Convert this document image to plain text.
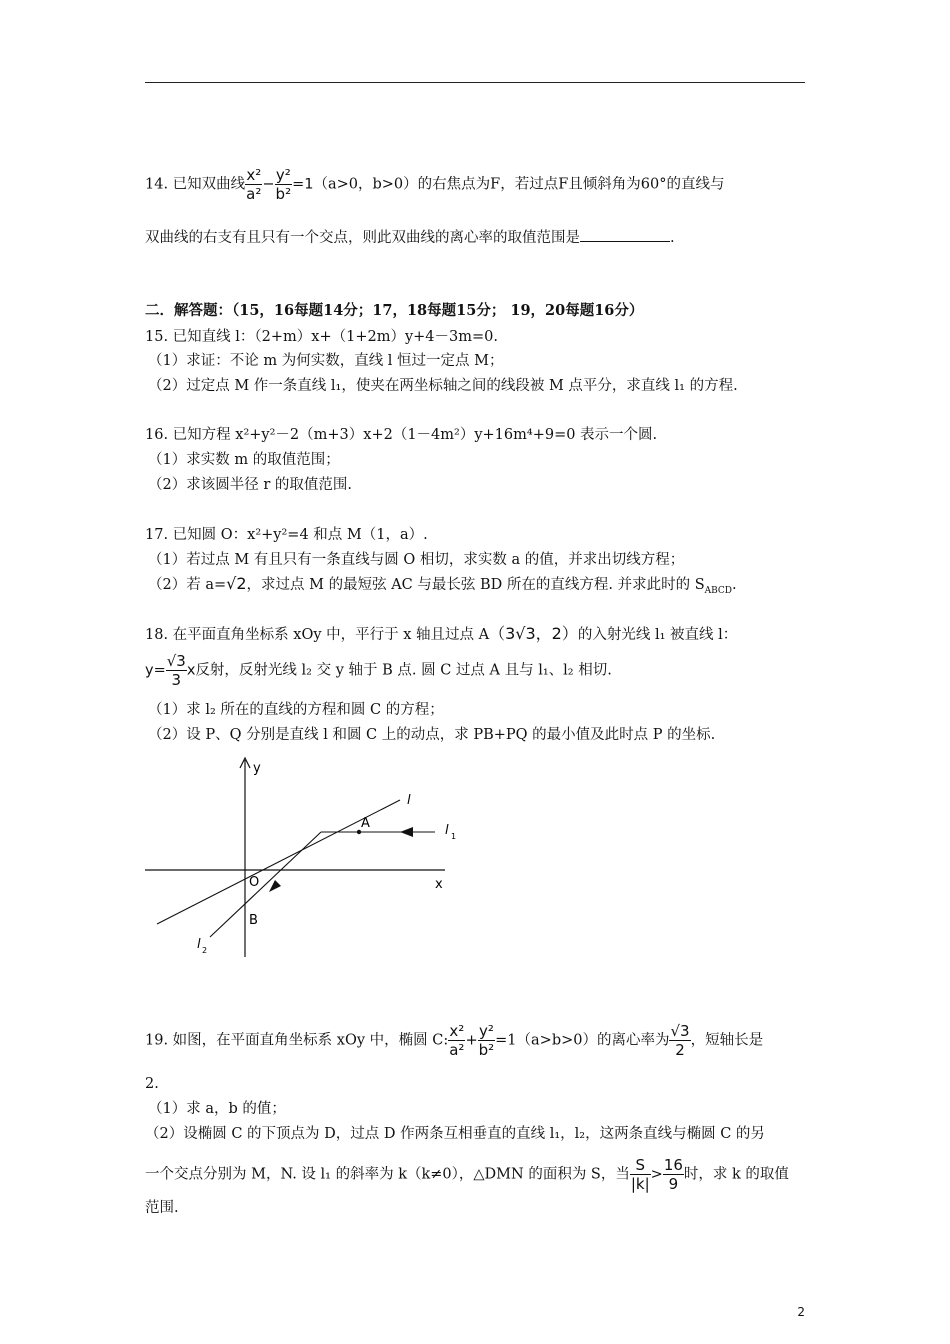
14. 已知双曲线 $\frac{\text{x²}}{\text{a²}} - \frac{\text{y²}}{\text{b²}} =1(a>0$，b>0）的右焦点为F，若过点F且倾斜角为60°的直线与
双曲线的右支有且只有一个交点，则此双曲线的离心率的取值范围是	.
二．解答题：（15，16每题14分；17，18每题15分； 19，20每题16分）
15. 已知直线 l：（2+m）x+（1+2m）y+4－3m=0.
（1）求证：不论 m 为何实数，直线 l 恒过一定点 M；
（2）过定点 M 作一条直线 l₁，使夹在两坐标轴之间的线段被 M 点平分，求直线 l₁ 的方程.
16. 已知方程 x²+y²－2（m+3）x+2（1－4m²）y+16m⁴+9=0 表示一个圆.
（1）求实数 m 的取值范围；
（2）求该圆半径 r 的取值范围.
17. 已知圆 O：x²+y²=4 和点 M（1，a）.
（1）若过点 M 有且只有一条直线与圆 O 相切，求实数 a 的值，并求出切线方程；
（2）若 a=√2，求过点 M 的最短弦 AC 与最长弦 BD 所在的直线方程. 并求此时的 $S_{ABCD}$.
18. 在平面直角坐标系 xOy 中，平行于 x 轴且过点 A（3√3，2）的入射光线 l₁ 被直线 l：
$y= \frac{√3}{3}$ x反射，反射光线 l₂ 交 y 轴于 B 点. 圆 C 过点 A 且与 l₁、l₂ 相切.
（1）求 l₂ 所在的直线的方程和圆 C 的方程；
（2）设 P、Q 分别是直线 l 和圆 C 上的动点，求 PB+PQ 的最小值及此时点 P 的坐标.
y
x
O
A
B
l
l 1
l 2
19. 如图，在平面直角坐标系 xOy 中，椭圆 C: $\frac{\text{x²}}{\text{a²}} + \frac{\text{y²}}{\text{b²}} =1(a>b>0)$的离心率为 $\frac{√3}{2}$ ，短轴长是
2.
（1）求 a，b 的值；
（2）设椭圆 C 的下顶点为 D，过点 D 作两条互相垂直的直线 l₁，l₂，这两条直线与椭圆 C 的另
一个交点分别为 M，N. 设 l₁ 的斜率为 k（k≠0），△DMN 的面积为 S，当 $\frac{S}{|k|} > \frac{16}{9}$ 时，求 k 的取值
范围.
2
